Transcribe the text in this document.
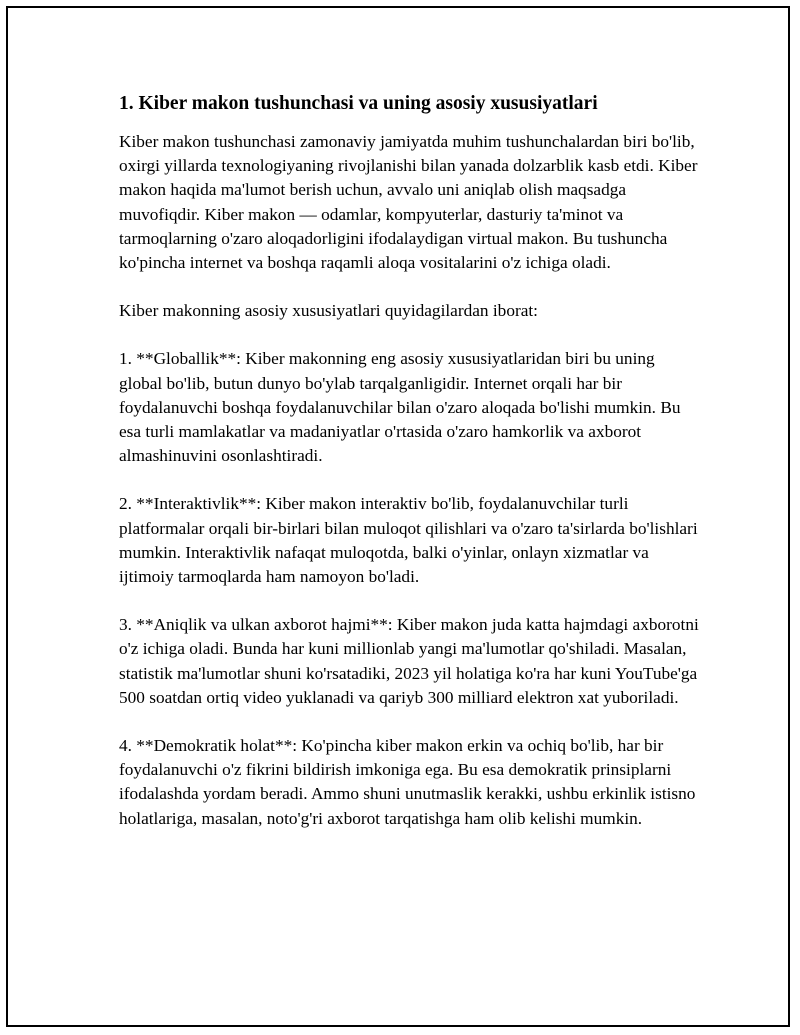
1. Kiber makon tushunchasi va uning asosiy xususiyatlari

Kiber makon tushunchasi zamonaviy jamiyatda muhim tushunchalardan biri bo'lib, oxirgi yillarda texnologiyaning rivojlanishi bilan yanada dolzarblik kasb etdi. Kiber makon haqida ma'lumot berish uchun, avvalo uni aniqlab olish maqsadga muvofiqdir. Kiber makon — odamlar, kompyuterlar, dasturiy ta'minot va tarmoqlarning o'zaro aloqadorligini ifodalaydigan virtual makon. Bu tushuncha ko'pincha internet va boshqa raqamli aloqa vositalarini o'z ichiga oladi.

Kiber makonning asosiy xususiyatlari quyidagilardan iborat:

1. **Globallik**: Kiber makonning eng asosiy xususiyatlaridan biri bu uning global bo'lib, butun dunyo bo'ylab tarqalganligidir. Internet orqali har bir foydalanuvchi boshqa foydalanuvchilar bilan o'zaro aloqada bo'lishi mumkin. Bu esa turli mamlakatlar va madaniyatlar o'rtasida o'zaro hamkorlik va axborot almashinuvini osonlashtiradi.

2. **Interaktivlik**: Kiber makon interaktiv bo'lib, foydalanuvchilar turli platformalar orqali bir-birlari bilan muloqot qilishlari va o'zaro ta'sirlarda bo'lishlari mumkin. Interaktivlik nafaqat muloqotda, balki o'yinlar, onlayn xizmatlar va ijtimoiy tarmoqlarda ham namoyon bo'ladi.

3. **Aniqlik va ulkan axborot hajmi**: Kiber makon juda katta hajmdagi axborotni o'z ichiga oladi. Bunda har kuni millionlab yangi ma'lumotlar qo'shiladi. Masalan, statistik ma'lumotlar shuni ko'rsatadiki, 2023 yil holatiga ko'ra har kuni YouTube'ga 500 soatdan ortiq video yuklanadi va qariyb 300 milliard elektron xat yuboriladi.

4. **Demokratik holat**: Ko'pincha kiber makon erkin va ochiq bo'lib, har bir foydalanuvchi o'z fikrini bildirish imkoniga ega. Bu esa demokratik prinsiplarni ifodalashda yordam beradi. Ammo shuni unutmaslik kerakki, ushbu erkinlik istisno holatlariga, masalan, noto'g'ri axborot tarqatishga ham olib kelishi mumkin.
